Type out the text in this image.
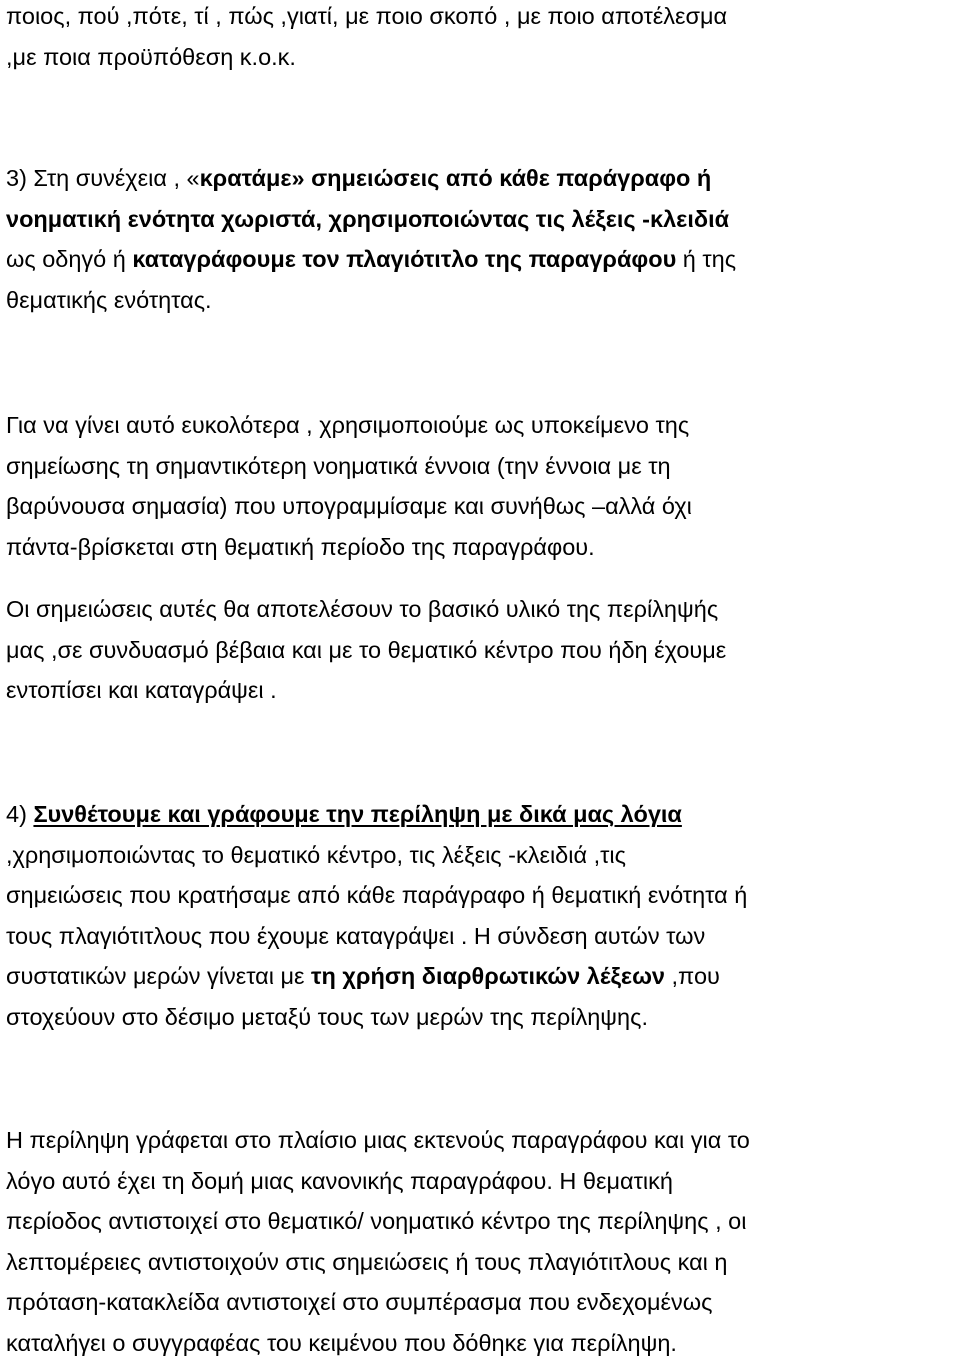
ποιος, πού ,πότε, τί , πώς ,γιατί, με ποιο σκοπό , με ποιο αποτέλεσμα
,με ποια προϋπόθεση κ.ο.κ.

3) Στη συνέχεια , «κρατάμε» σημειώσεις από κάθε παράγραφο ή
νοηματική ενότητα χωριστά, χρησιμοποιώντας τις λέξεις -κλειδιά
ως οδηγό ή καταγράφουμε τον πλαγιότιτλο της παραγράφου ή της
θεματικής ενότητας.

Για να γίνει αυτό ευκολότερα , χρησιμοποιούμε ως υποκείμενο της
σημείωσης τη σημαντικότερη νοηματικά έννοια (την έννοια με τη
βαρύνουσα σημασία) που υπογραμμίσαμε και συνήθως –αλλά όχι
πάντα-βρίσκεται στη θεματική περίοδο της παραγράφου.

Οι σημειώσεις αυτές θα αποτελέσουν το βασικό υλικό της περίληψής
μας ,σε συνδυασμό βέβαια και με το θεματικό κέντρο που ήδη έχουμε
εντοπίσει και καταγράψει .

4) Συνθέτουμε και γράφουμε την περίληψη με δικά μας λόγια
,χρησιμοποιώντας το θεματικό κέντρο, τις λέξεις -κλειδιά ,τις
σημειώσεις που κρατήσαμε από κάθε παράγραφο ή θεματική ενότητα ή
τους πλαγιότιτλους που έχουμε καταγράψει . Η σύνδεση αυτών των
συστατικών μερών γίνεται με τη χρήση διαρθρωτικών λέξεων ,που
στοχεύουν στο δέσιμο μεταξύ τους των μερών της περίληψης.

Η περίληψη γράφεται στο πλαίσιο μιας εκτενούς παραγράφου και για το
λόγο αυτό έχει τη δομή μιας κανονικής παραγράφου. Η θεματική
περίοδος αντιστοιχεί στο θεματικό/ νοηματικό κέντρο της περίληψης , οι
λεπτομέρειες αντιστοιχούν στις σημειώσεις ή τους πλαγιότιτλους και η
πρόταση-κατακλείδα αντιστοιχεί στο συμπέρασμα που ενδεχομένως
καταλήγει ο συγγραφέας του κειμένου που δόθηκε για περίληψη.
